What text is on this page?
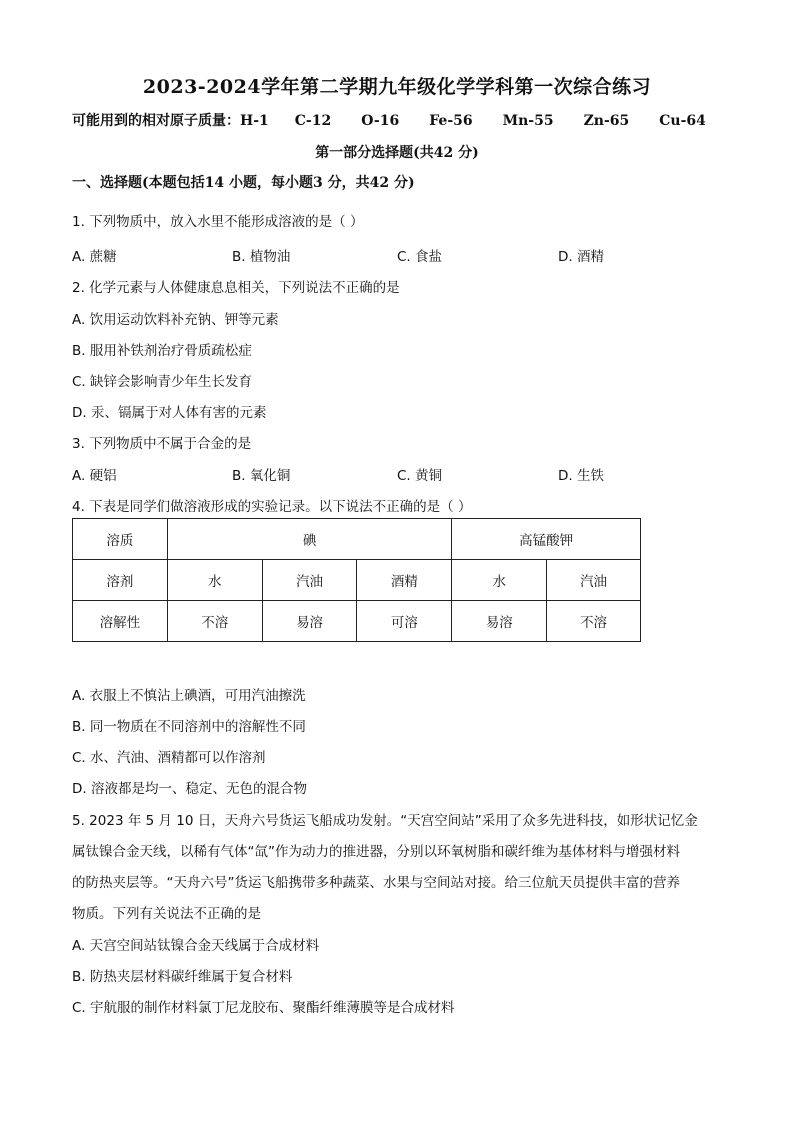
2023-2024学年第二学期九年级化学学科第一次综合练习
可能用到的相对原子质量：H-1 C-12 O-16 Fe-56 Mn-55 Zn-65 Cu-64
第一部分选择题(共42 分)
一、选择题(本题包括14 小题，每小题3 分，共42 分)
1. 下列物质中，放入水里不能形成溶液的是（ ）
A. 蔗糖	B. 植物油	C. 食盐	D. 酒精
2. 化学元素与人体健康息息相关，下列说法不正确的是
A. 饮用运动饮料补充钠、钾等元素
B. 服用补铁剂治疗骨质疏松症
C. 缺锌会影响青少年生长发育
D. 汞、镉属于对人体有害的元素
3. 下列物质中不属于合金的是
A. 硬铝	B. 氧化铜	C. 黄铜	D. 生铁
4. 下表是同学们做溶液形成的实验记录。以下说法不正确的是（ ）
溶质	碘			高锰酸钾	
溶剂	水	汽油	酒精	水	汽油
溶解性	不溶	易溶	可溶	易溶	不溶
A. 衣服上不慎沾上碘酒，可用汽油擦洗
B. 同一物质在不同溶剂中的溶解性不同
C. 水、汽油、酒精都可以作溶剂
D. 溶液都是均一、稳定、无色的混合物
5. 2023 年 5 月 10 日，天舟六号货运飞船成功发射。“天宫空间站”采用了众多先进科技，如形状记忆金
属钛镍合金天线，以稀有气体“氙”作为动力的推进器，分别以环氧树脂和碳纤维为基体材料与增强材料
的防热夹层等。“天舟六号”货运飞船携带多种蔬菜、水果与空间站对接。给三位航天员提供丰富的营养
物质。下列有关说法不正确的是
A. 天宫空间站钛镍合金天线属于合成材料
B. 防热夹层材料碳纤维属于复合材料
C. 宇航服的制作材料氯丁尼龙胶布、聚酯纤维薄膜等是合成材料
